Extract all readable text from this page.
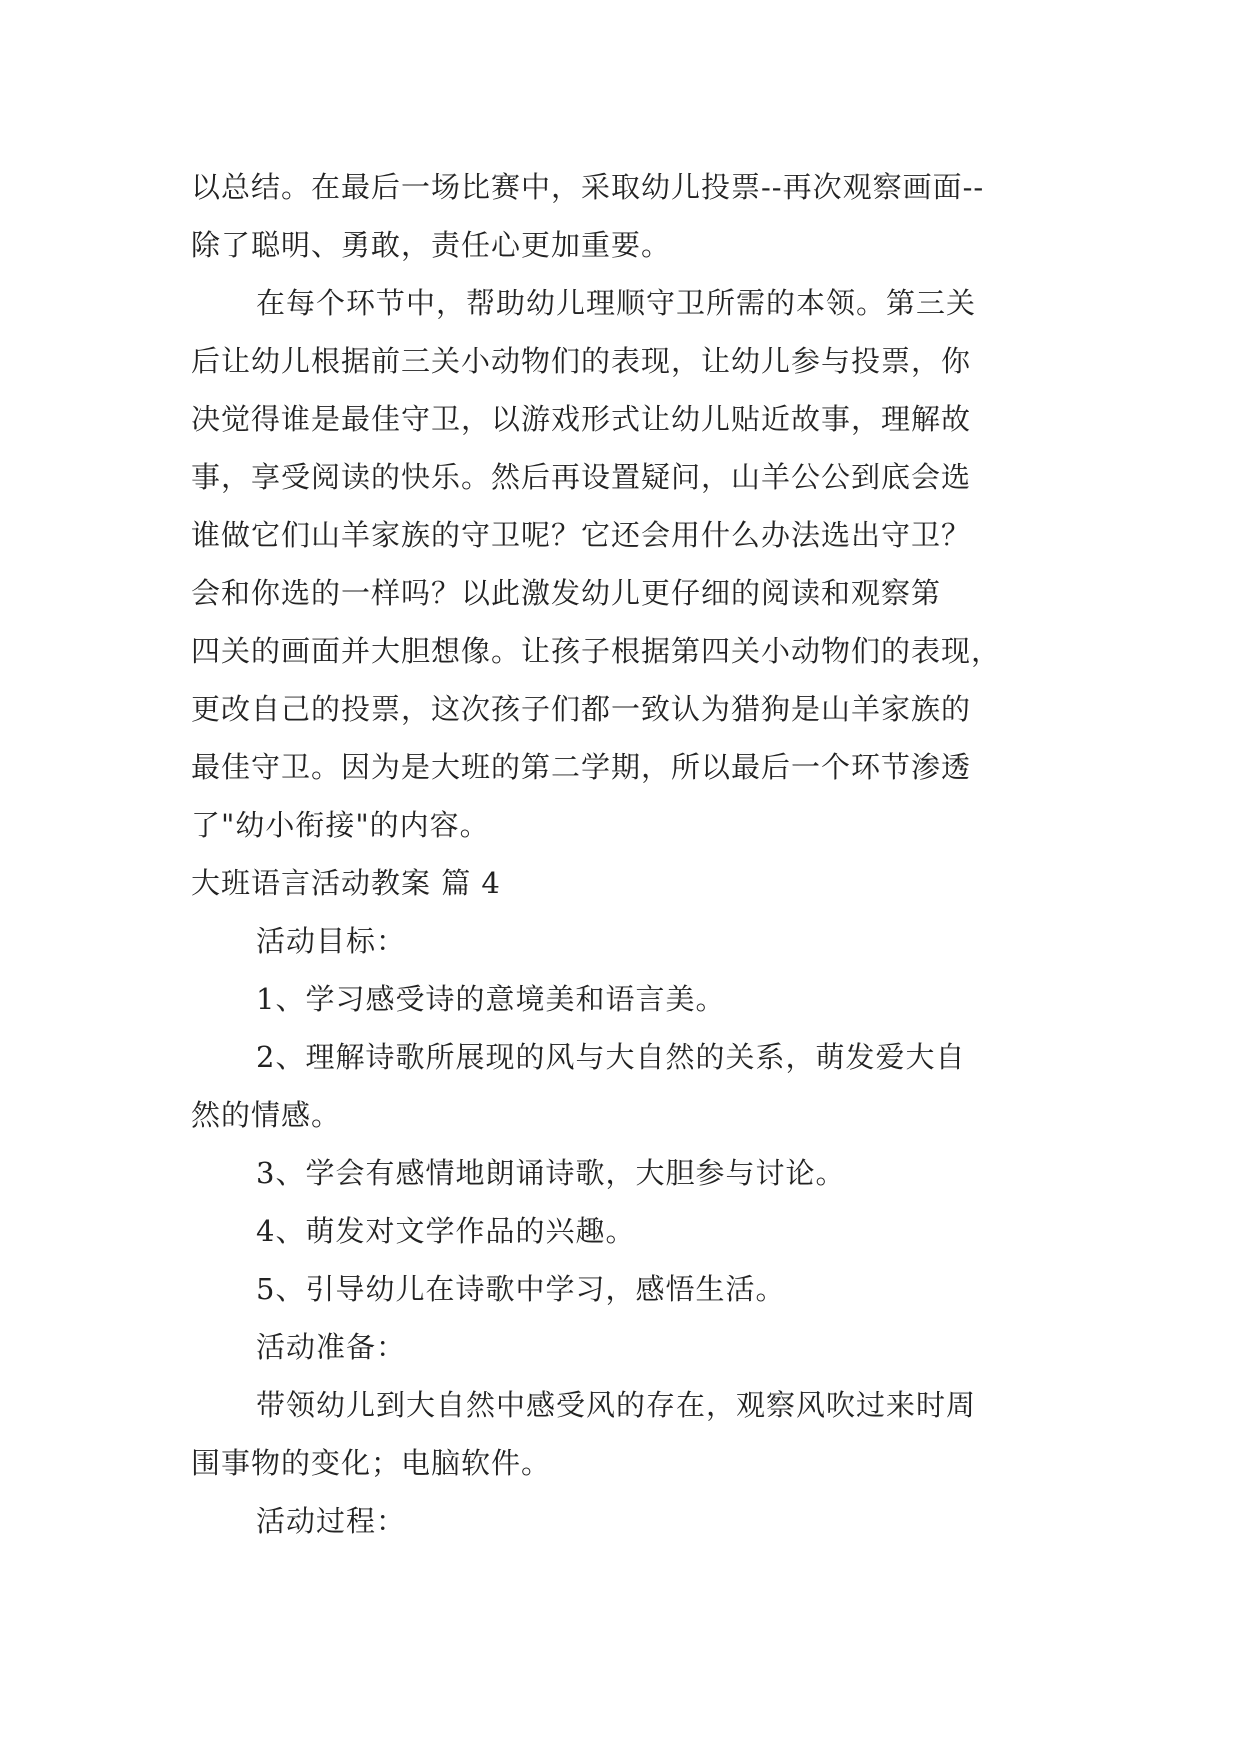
以总结。在最后一场比赛中，采取幼儿投票--再次观察画面--
除了聪明、勇敢，责任心更加重要。
在每个环节中，帮助幼儿理顺守卫所需的本领。第三关
后让幼儿根据前三关小动物们的表现，让幼儿参与投票，你
决觉得谁是最佳守卫，以游戏形式让幼儿贴近故事，理解故
事，享受阅读的快乐。然后再设置疑问，山羊公公到底会选
谁做它们山羊家族的守卫呢？它还会用什么办法选出守卫？
会和你选的一样吗？以此激发幼儿更仔细的阅读和观察第
四关的画面并大胆想像。让孩子根据第四关小动物们的表现，
更改自己的投票，这次孩子们都一致认为猎狗是山羊家族的
最佳守卫。因为是大班的第二学期，所以最后一个环节渗透
了"幼小衔接"的内容。
大班语言活动教案 篇 4
活动目标：
1、学习感受诗的意境美和语言美。
2、理解诗歌所展现的风与大自然的关系，萌发爱大自
然的情感。
3、学会有感情地朗诵诗歌，大胆参与讨论。
4、萌发对文学作品的兴趣。
5、引导幼儿在诗歌中学习，感悟生活。
活动准备：
带领幼儿到大自然中感受风的存在，观察风吹过来时周
围事物的变化；电脑软件。
活动过程：
